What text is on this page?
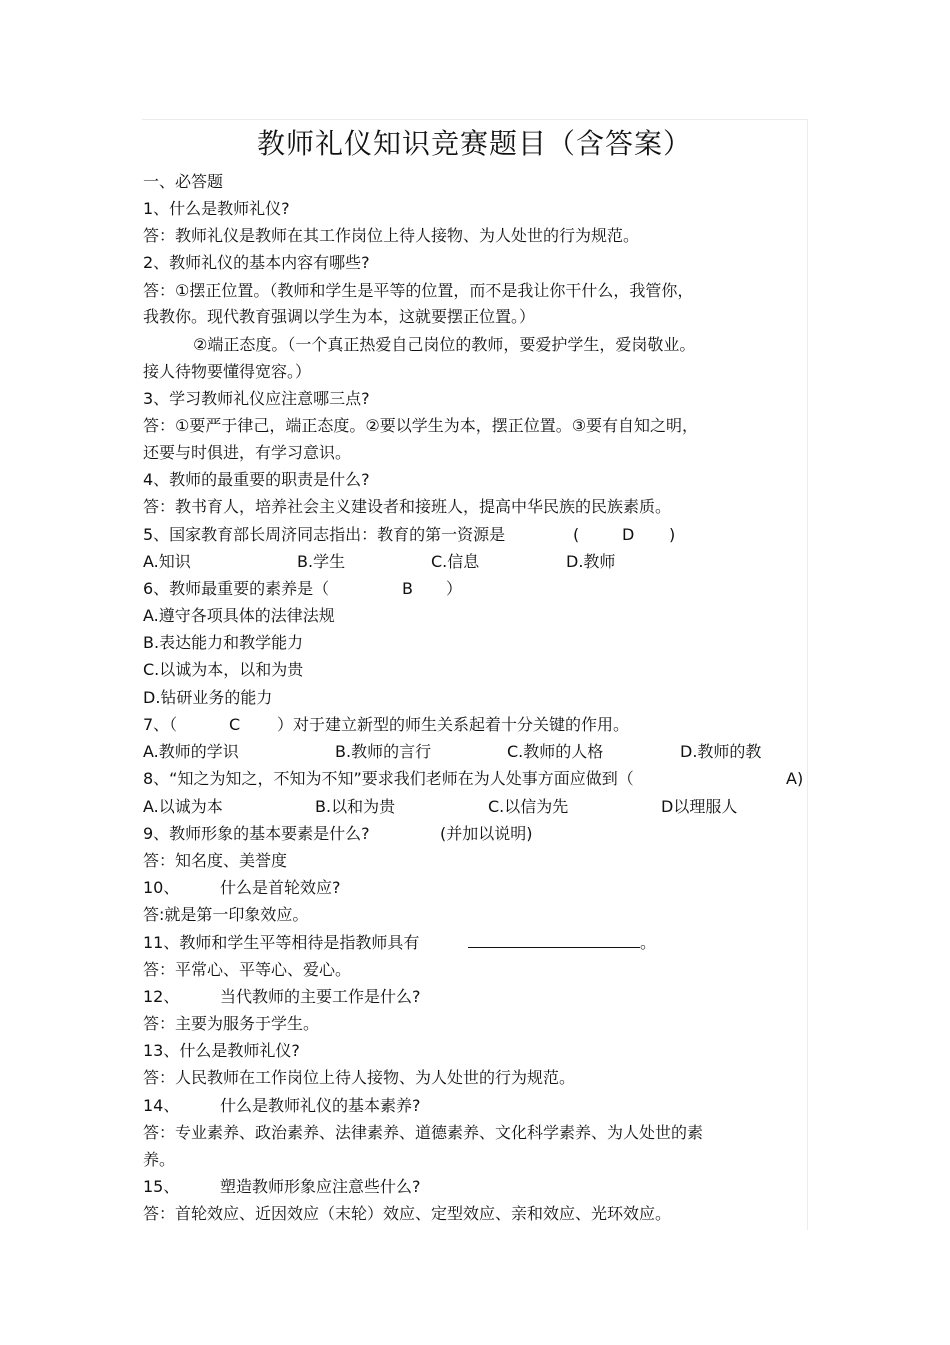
教师礼仪知识竞赛题目（含答案）
一、必答题
1、什么是教师礼仪?
答：教师礼仪是教师在其工作岗位上待人接物、为人处世的行为规范。
2、教师礼仪的基本内容有哪些?
答：①摆正位置。（教师和学生是平等的位置，而不是我让你干什么，我管你，
我教你。现代教育强调以学生为本，这就要摆正位置。）
②端正态度。（一个真正热爱自己岗位的教师，要爱护学生，爱岗敬业。
接人待物要懂得宽容。）
3、学习教师礼仪应注意哪三点?
答：①要严于律己，端正态度。②要以学生为本，摆正位置。③要有自知之明，
还要与时俱进，有学习意识。
4、教师的最重要的职责是什么?
答：教书育人，培养社会主义建设者和接班人，提高中华民族的民族素质。
5、国家教育部长周济同志指出：教育的第一资源是	(	D )
A.知识	B.学生	C.信息	D.教师
6、教师最重要的素养是（	B ）
A.遵守各项具体的法律法规
B.表达能力和教学能力
C.以诚为本，以和为贵
D.钻研业务的能力
7、（	C ）对于建立新型的师生关系起着十分关键的作用。
A.教师的学识	B.教师的言行	C.教师的人格	D.教师的教
8、“知之为知之，不知为不知”要求我们老师在为人处事方面应做到（	A)
A.以诚为本	B.以和为贵	C.以信为先	D以理服人
9、教师形象的基本要素是什么?	(并加以说明)
答：知名度、美誉度
10、	什么是首轮效应?
答:就是第一印象效应。
11、教师和学生平等相待是指教师具有	。
答：平常心、平等心、爱心。
12、	当代教师的主要工作是什么?
答：主要为服务于学生。
13、什么是教师礼仪?
答：人民教师在工作岗位上待人接物、为人处世的行为规范。
14、	什么是教师礼仪的基本素养?
答：专业素养、政治素养、法律素养、道德素养、文化科学素养、为人处世的素
养。
15、	塑造教师形象应注意些什么?
答：首轮效应、近因效应（末轮）效应、定型效应、亲和效应、光环效应。
